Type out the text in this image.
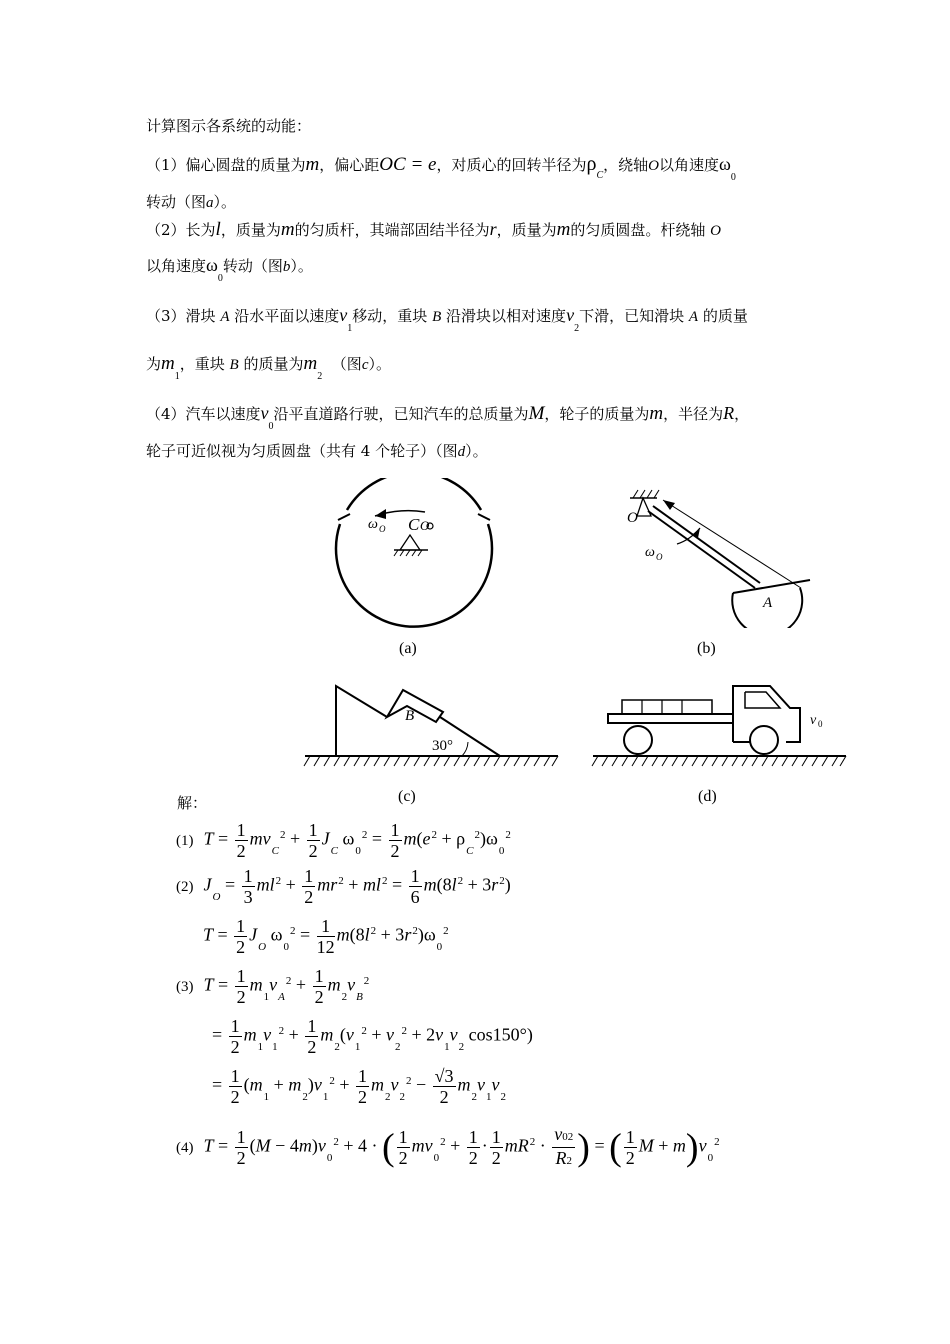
计算图示各系统的动能：
（1）偏心圆盘的质量为m，偏心距OC = e，对质心的回转半径为$\rho_C$，绕轴O以角速度$\omega_0$
转动（图a）。
（2）长为l，质量为m的匀质杆，其端部固结半径为r，质量为m的匀质圆盘。杆绕轴 O
以角速度$\omega_0$转动（图b）。
（3）滑块 A 沿水平面以速度$v_1$移动，重块 B 沿滑块以相对速度$v_2$下滑，已知滑块 A 的质量
为$m_1$，重块 B 的质量为$m_2$  （图c）。
（4）汽车以速度$v_0$沿平直道路行驶，已知汽车的总质量为M，轮子的质量为m，半径为R，
轮子可近似视为匀质圆盘（共有 4 个轮子）（图d）。
ω O C O
(a)
O
ω O
A
(b)
B
30°
(c)
v 0
(d)
解：
(1) $T = \frac{1}{2} mv_C^2 + \frac{1}{2} J_C$ $\omega_0^2 = \frac{1}{2} m(e^2 + \rho_C^2)\omega_0^2$
(2) $J_O = \frac{1}{3} ml^2 + \frac{1}{2} mr^2 + ml^2 = \frac{1}{6} m(8l^2 + 3r^2)$
$T = \frac{1}{2} J_O$ $\omega_0^2 = \frac{1}{12} m(8l^2 + 3r^2)\omega_0^2$
(3) $T = \frac{1}{2} m_1v_A^2 + \frac{1}{2} m_2v_B^2$
= $\frac{1}{2} m_1v_1^2 + \frac{1}{2} m_2(v_1^2 + v_2^2 + 2v_1v_2$ cos150°)
= $\frac{1}{2} (m_1 + m_2)v_1^2 + \frac{1}{2} m_2v_2^2 - \frac{√3}{2} m_2v_1v_2$
(4) $T = \frac{1}{2} (M - 4m)v_0^2 + 4$ · ( $\frac{1}{2} mv_0^2 + \frac{1}{2} \cdot \frac{1}{2} mR^2 \cdot \frac{v02}{R2}$ ) = ( $\frac{1}{2}$ $M + m)v_0^2$
